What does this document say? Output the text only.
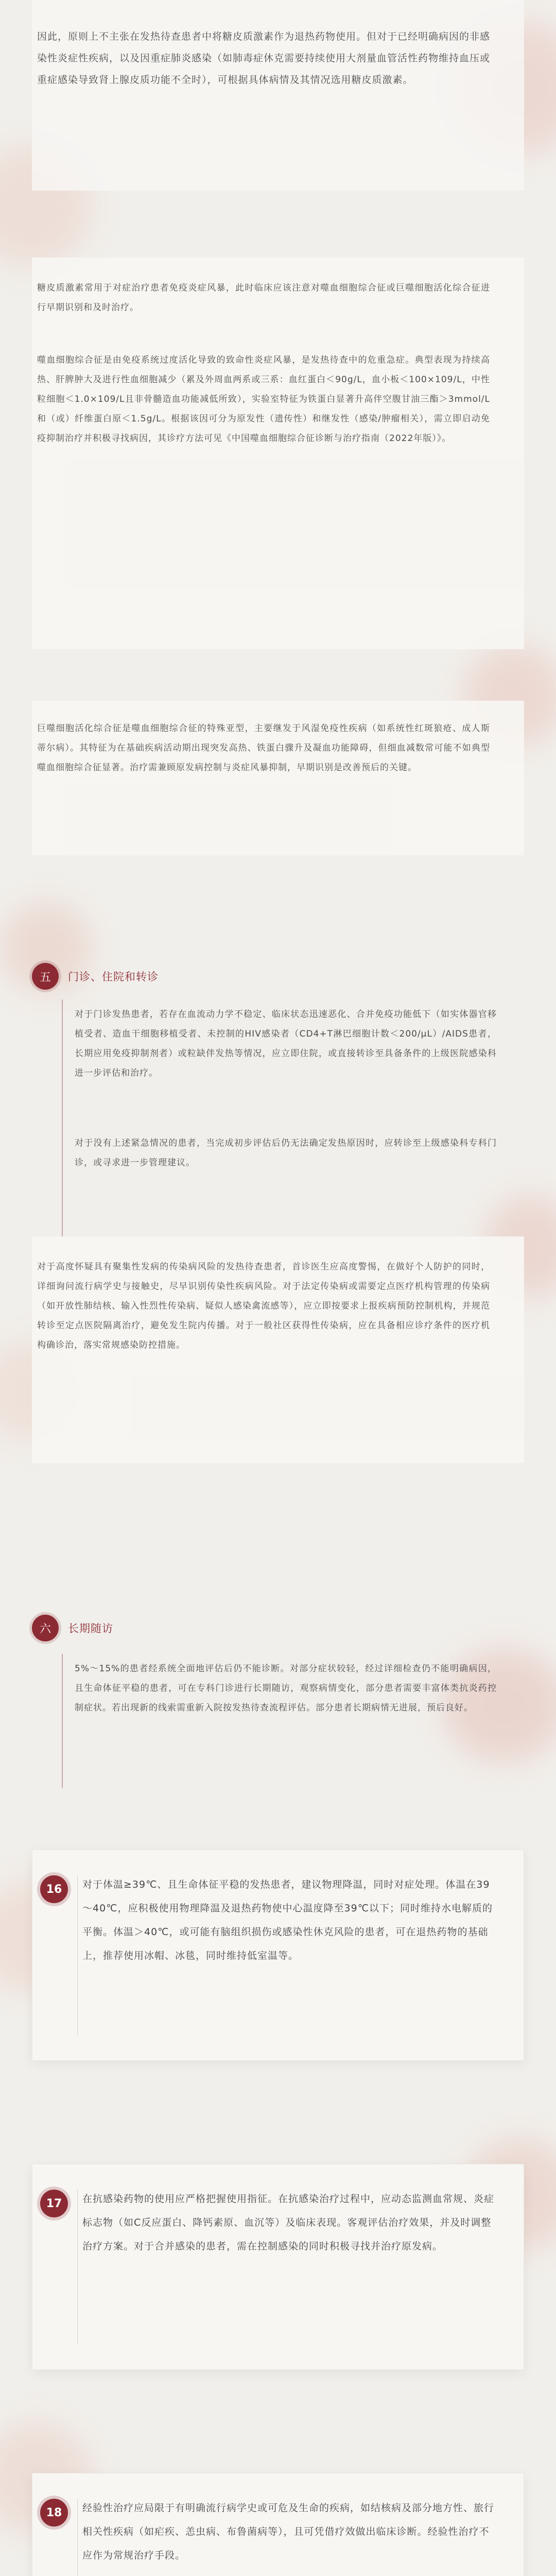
因此，原则上不主张在发热待查患者中将糖皮质激素作为退热药物使用。但对于已经明确病因的非感染性炎症性疾病，以及因重症肺炎感染（如肺毒症休克需要持续使用大剂量血管活性药物维持血压或重症感染导致肾上腺皮质功能不全时），可根据具体病情及其情况选用糖皮质激素。
糖皮质激素常用于对症治疗患者免疫炎症风暴，此时临床应该注意对噬血细胞综合征或巨噬细胞活化综合征进行早期识别和及时治疗。
噬血细胞综合征是由免疫系统过度活化导致的致命性炎症风暴，是发热待查中的危重急症。典型表现为持续高热、肝脾肿大及进行性血细胞减少（累及外周血两系或三系：血红蛋白＜90g/L，血小板＜100×109/L，中性粒细胞＜1.0×109/L且非骨髓造血功能减低所致），实验室特征为铁蛋白显著升高伴空腹甘油三酯＞3mmol/L和（或）纤维蛋白原＜1.5g/L。根据该因可分为原发性（遗传性）和继发性（感染/肿瘤相关），需立即启动免疫抑制治疗并积极寻找病因，其诊疗方法可见《中国噬血细胞综合征诊断与治疗指南（2022年版）》。
巨噬细胞活化综合征是噬血细胞综合征的特殊亚型，主要继发于风湿免疫性疾病（如系统性红斑狼疮、成人斯蒂尔病）。其特征为在基础疾病活动期出现突发高热、铁蛋白骤升及凝血功能障碍，但细血减数常可能不如典型噬血细胞综合征显著。治疗需兼顾原发病控制与炎症风暴抑制，早期识别是改善预后的关键。
五	门诊、住院和转诊
对于门诊发热患者，若存在血流动力学不稳定、临床状态迅速恶化、合并免疫功能低下（如实体器官移植受者、造血干细胞移植受者、未控制的HIV感染者（CD4+T淋巴细胞计数＜200/μL）/AIDS患者，长期应用免疫抑制剂者）或粒缺伴发热等情况，应立即住院，或直接转诊至具备条件的上级医院感染科进一步评估和治疗。
对于没有上述紧急情况的患者，当完成初步评估后仍无法确定发热原因时，应转诊至上级感染科专科门诊，或寻求进一步管理建议。
对于高度怀疑具有聚集性发病的传染病风险的发热待查患者，首诊医生应高度警惕，在做好个人防护的同时，详细询问流行病学史与接触史，尽早识别传染性疾病风险。对于法定传染病或需要定点医疗机构管理的传染病（如开放性肺结核、输入性烈性传染病、疑似人感染禽流感等），应立即按要求上报疾病预防控制机构，并规范转诊至定点医院隔离治疗，避免发生院内传播。对于一般社区获得性传染病，应在具备相应诊疗条件的医疗机构确诊治，落实常规感染防控措施。
六	长期随访
5%～15%的患者经系统全面地评估后仍不能诊断。对部分症状较轻，经过详细检查仍不能明确病因，且生命体征平稳的患者，可在专科门诊进行长期随访，观察病情变化，部分患者需要丰富体类抗炎药控制症状。若出现新的线索需重新入院按发热待查流程评估。部分患者长期病情无进展，预后良好。
16	对于体温≥39℃、且生命体征平稳的发热患者，建议物理降温，同时对症处理。体温在39～40℃，应积极使用物理降温及退热药物使中心温度降至39℃以下；同时维持水电解质的平衡。体温＞40℃，或可能有脑组织损伤或感染性休克风险的患者，可在退热药物的基础上，推荐使用冰帽、冰毯，同时维持低室温等。
17	在抗感染药物的使用应严格把握使用指征。在抗感染治疗过程中，应动态监测血常规、炎症标志物（如C反应蛋白、降钙素原、血沉等）及临床表现。客观评估治疗效果，并及时调整治疗方案。对于合并感染的患者，需在控制感染的同时积极寻找并治疗原发病。
18	经验性治疗应局限于有明确流行病学史或可危及生命的疾病，如结核病及部分地方性、旅行相关性疾病（如疟疾、恙虫病、布鲁菌病等），且可凭借疗效做出临床诊断。经验性治疗不应作为常规治疗手段。
